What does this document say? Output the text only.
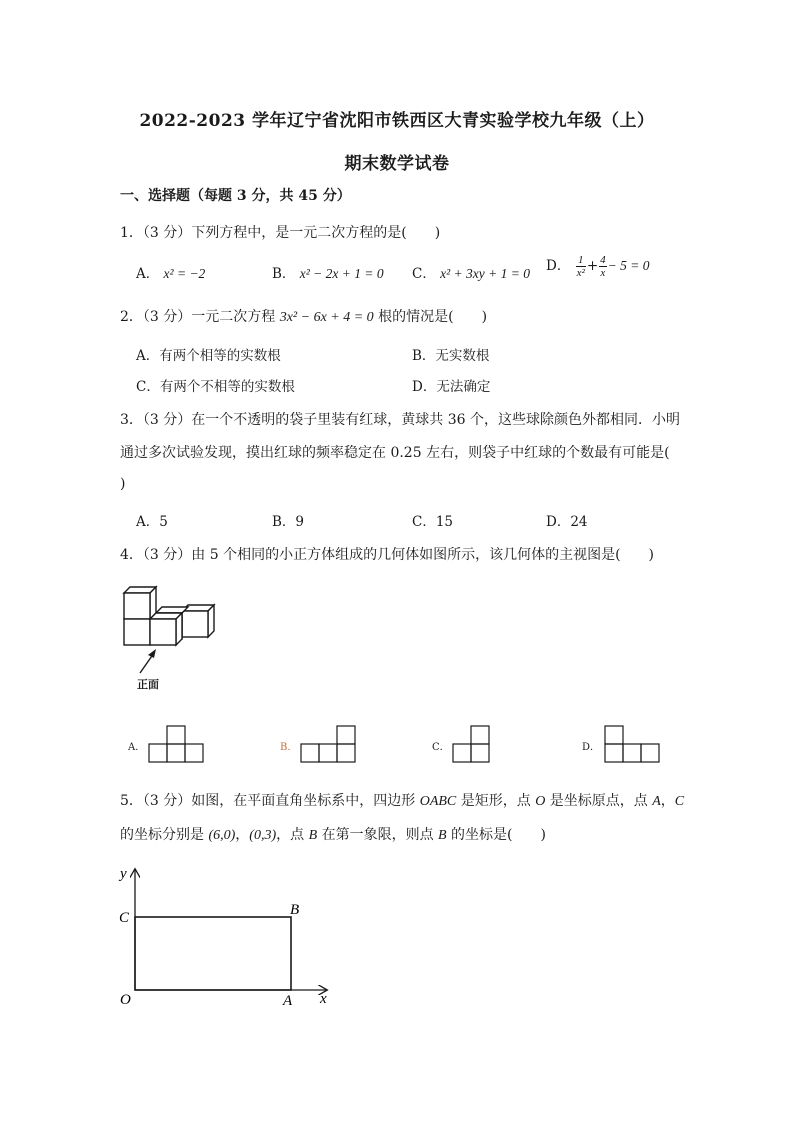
2022-2023 学年辽宁省沈阳市铁西区大青实验学校九年级（上）
期末数学试卷
一、选择题（每题 3 分，共 45 分）
1．（3 分）下列方程中，是一元二次方程的是(　　)
A． x² = −2	B． x² − 2x + 1 = 0 C． x² + 3xy + 1 = 0 D． $\frac{1}{\text{x²}} + \frac{4}{x} - 5 = 0$
2．（3 分）一元二次方程 3x² − 6x + 4 = 0 根的情况是(　　)
A．有两个相等的实数根	B．无实数根
C．有两个不相等的实数根	D．无法确定
3．（3 分）在一个不透明的袋子里装有红球，黄球共 36 个，这些球除颜色外都相同．小明
通过多次试验发现，摸出红球的频率稳定在 0.25 左右，则袋子中红球的个数最有可能是(
)
A．5	B．9	C．15	D．24
4．（3 分）由 5 个相同的小正方体组成的几何体如图所示，该几何体的主视图是(　　)
正面
A．	B．	C．	D．
5．（3 分）如图，在平面直角坐标系中，四边形 OABC 是矩形，点 O 是坐标原点，点 A，C
的坐标分别是 (6,0)，(0,3)，点 B 在第一象限，则点 B 的坐标是(　　)
y
x
O	A
B
C
